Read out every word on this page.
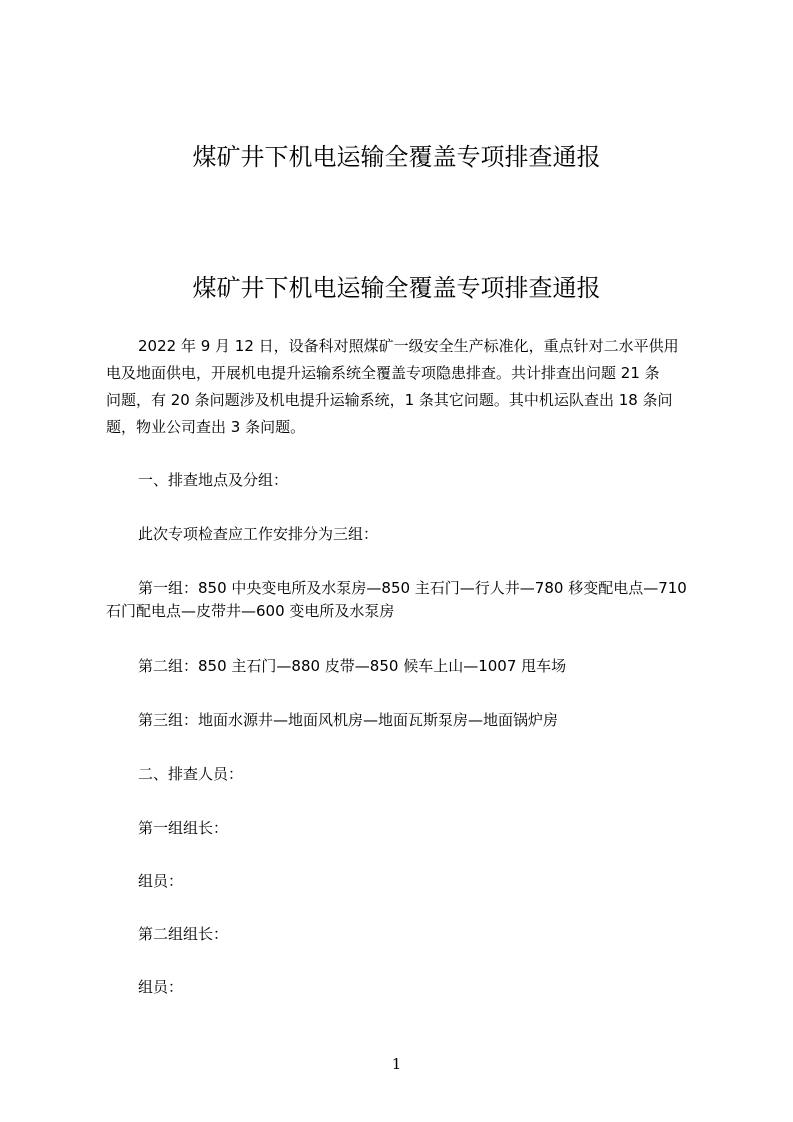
煤矿井下机电运输全覆盖专项排查通报
煤矿井下机电运输全覆盖专项排查通报

2022 年 9 月 12 日，设备科对照煤矿一级安全生产标准化，重点针对二水平供用

电及地面供电，开展机电提升运输系统全覆盖专项隐患排查。共计排查出问题 21 条

问题，有 20 条问题涉及机电提升运输系统，1 条其它问题。其中机运队查出 18 条问

题，物业公司查出 3 条问题。

一、排查地点及分组：

此次专项检查应工作安排分为三组：

第一组：850 中央变电所及水泵房—850 主石门—行人井—780 移变配电点—710

石门配电点—皮带井—600 变电所及水泵房

第二组：850 主石门—880 皮带—850 候车上山—1007 甩车场

第三组：地面水源井—地面风机房—地面瓦斯泵房—地面锅炉房

二、排查人员：

第一组组长：

组员：

第二组组长：

组员：

1
